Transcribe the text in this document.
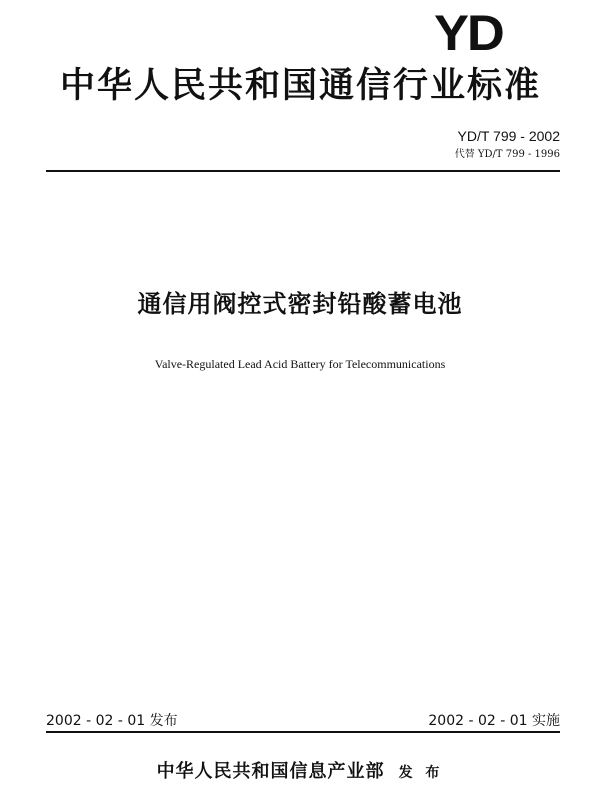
YD
中华人民共和国通信行业标准
YD/T 799 - 2002
代替 YD/T 799 - 1996
通信用阀控式密封铅酸蓄电池
Valve-Regulated Lead Acid Battery for Telecommunications
2002 - 02 - 01 发布	2002 - 02 - 01 实施
中华人民共和国信息产业部 发 布
